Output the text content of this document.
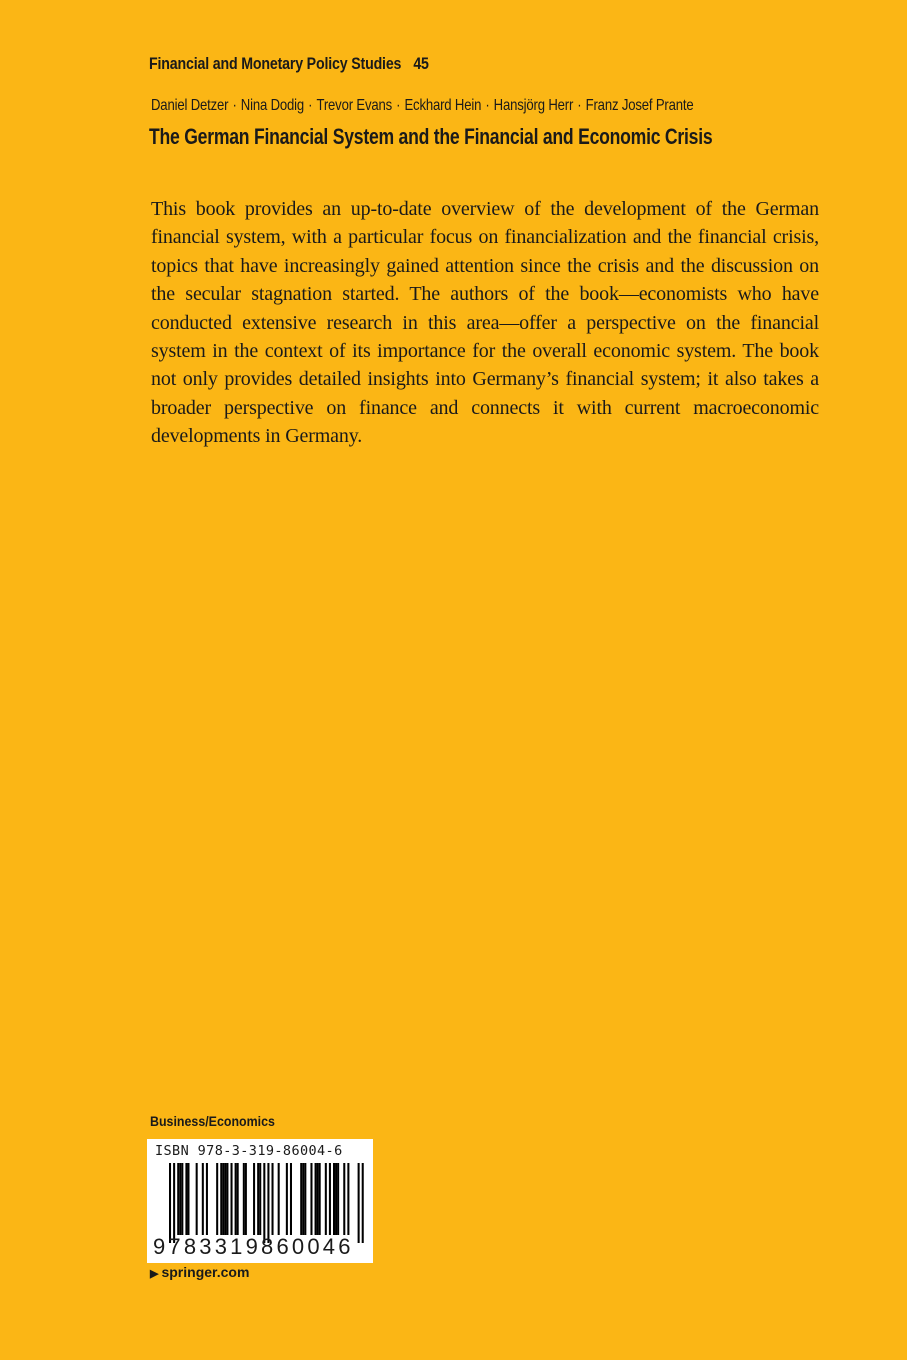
Financial and Monetary Policy Studies 45
Daniel Detzer · Nina Dodig · Trevor Evans · Eckhard Hein · Hansjörg Herr · Franz Josef Prante
The German Financial System and the Financial and Economic Crisis

This book provides an up-to-date overview of the development of the German financial system, with a particular focus on financialization and the financial crisis, topics that have increasingly gained attention since the crisis and the discussion on the secular stagnation started. The authors of the book—economists who have conducted extensive research in this area—offer a perspective on the financial system in the context of its importance for the overall economic system. The book not only provides detailed insights into Germany’s financial system; it also takes a broader perspective on finance and connects it with current macroeconomic developments in Germany.

Business/Economics
ISBN 978-3-319-86004-6
9783319860046
▶ springer.com
